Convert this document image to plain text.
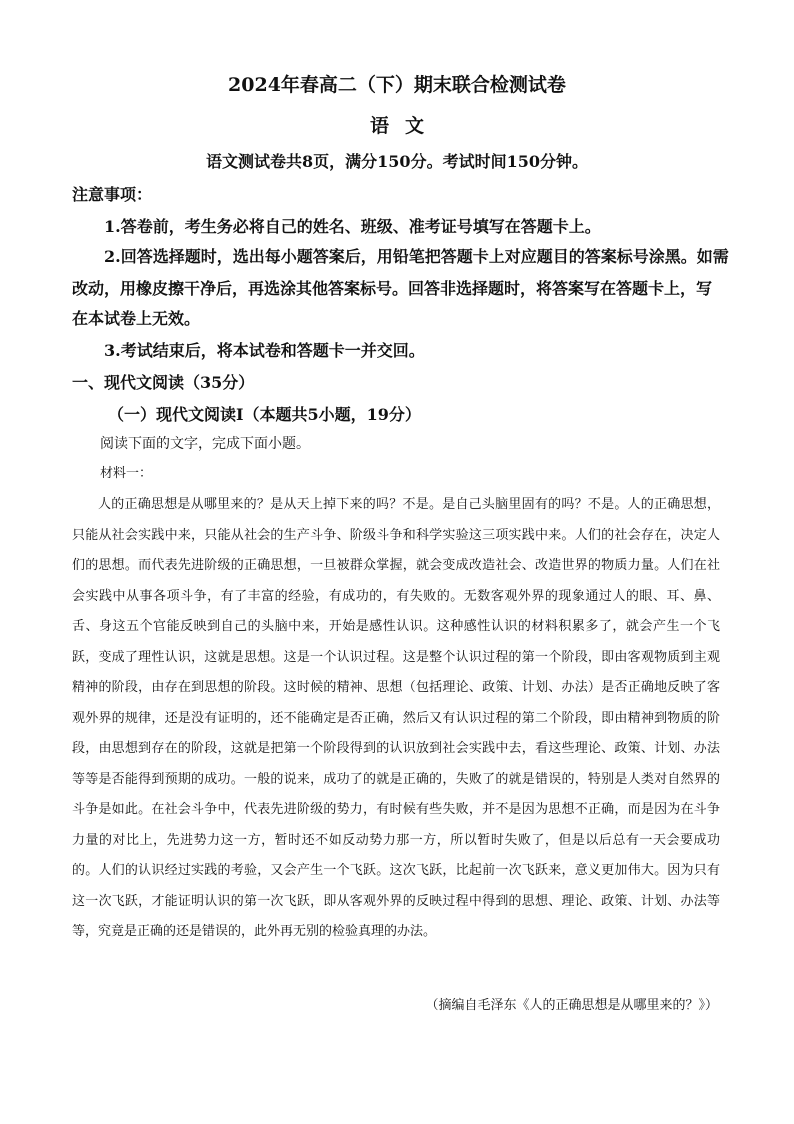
2024年春高二（下）期末联合检测试卷
语文
语文测试卷共8页，满分150分。考试时间150分钟。
注意事项：
1.答卷前，考生务必将自己的姓名、班级、准考证号填写在答题卡上。
2.回答选择题时，选出每小题答案后，用铅笔把答题卡上对应题目的答案标号涂黑。如需
改动，用橡皮擦干净后，再选涂其他答案标号。回答非选择题时，将答案写在答题卡上，写
在本试卷上无效。
3.考试结束后，将本试卷和答题卡一并交回。
一、现代文阅读（35分）
（一）现代文阅读Ⅰ（本题共5小题，19分）
阅读下面的文字，完成下面小题。
材料一：

人的正确思想是从哪里来的？是从天上掉下来的吗？不是。是自己头脑里固有的吗？不是。人的正确思想，只能从社会实践中来，只能从社会的生产斗争、阶级斗争和科学实验这三项实践中来。人们的社会存在，决定人们的思想。而代表先进阶级的正确思想，一旦被群众掌握，就会变成改造社会、改造世界的物质力量。人们在社会实践中从事各项斗争，有了丰富的经验，有成功的，有失败的。无数客观外界的现象通过人的眼、耳、鼻、舌、身这五个官能反映到自己的头脑中来，开始是感性认识。这种感性认识的材料积累多了，就会产生一个飞跃，变成了理性认识，这就是思想。这是一个认识过程。这是整个认识过程的第一个阶段，即由客观物质到主观精神的阶段，由存在到思想的阶段。这时候的精神、思想（包括理论、政策、计划、办法）是否正确地反映了客观外界的规律，还是没有证明的，还不能确定是否正确，然后又有认识过程的第二个阶段，即由精神到物质的阶段，由思想到存在的阶段，这就是把第一个阶段得到的认识放到社会实践中去，看这些理论、政策、计划、办法等等是否能得到预期的成功。一般的说来，成功了的就是正确的，失败了的就是错误的，特别是人类对自然界的斗争是如此。在社会斗争中，代表先进阶级的势力，有时候有些失败，并不是因为思想不正确，而是因为在斗争力量的对比上，先进势力这一方，暂时还不如反动势力那一方，所以暂时失败了，但是以后总有一天会要成功的。人们的认识经过实践的考验，又会产生一个飞跃。这次飞跃，比起前一次飞跃来，意义更加伟大。因为只有这一次飞跃，才能证明认识的第一次飞跃，即从客观外界的反映过程中得到的思想、理论、政策、计划、办法等等，究竟是正确的还是错误的，此外再无别的检验真理的办法。

（摘编自毛泽东《人的正确思想是从哪里来的？》）
